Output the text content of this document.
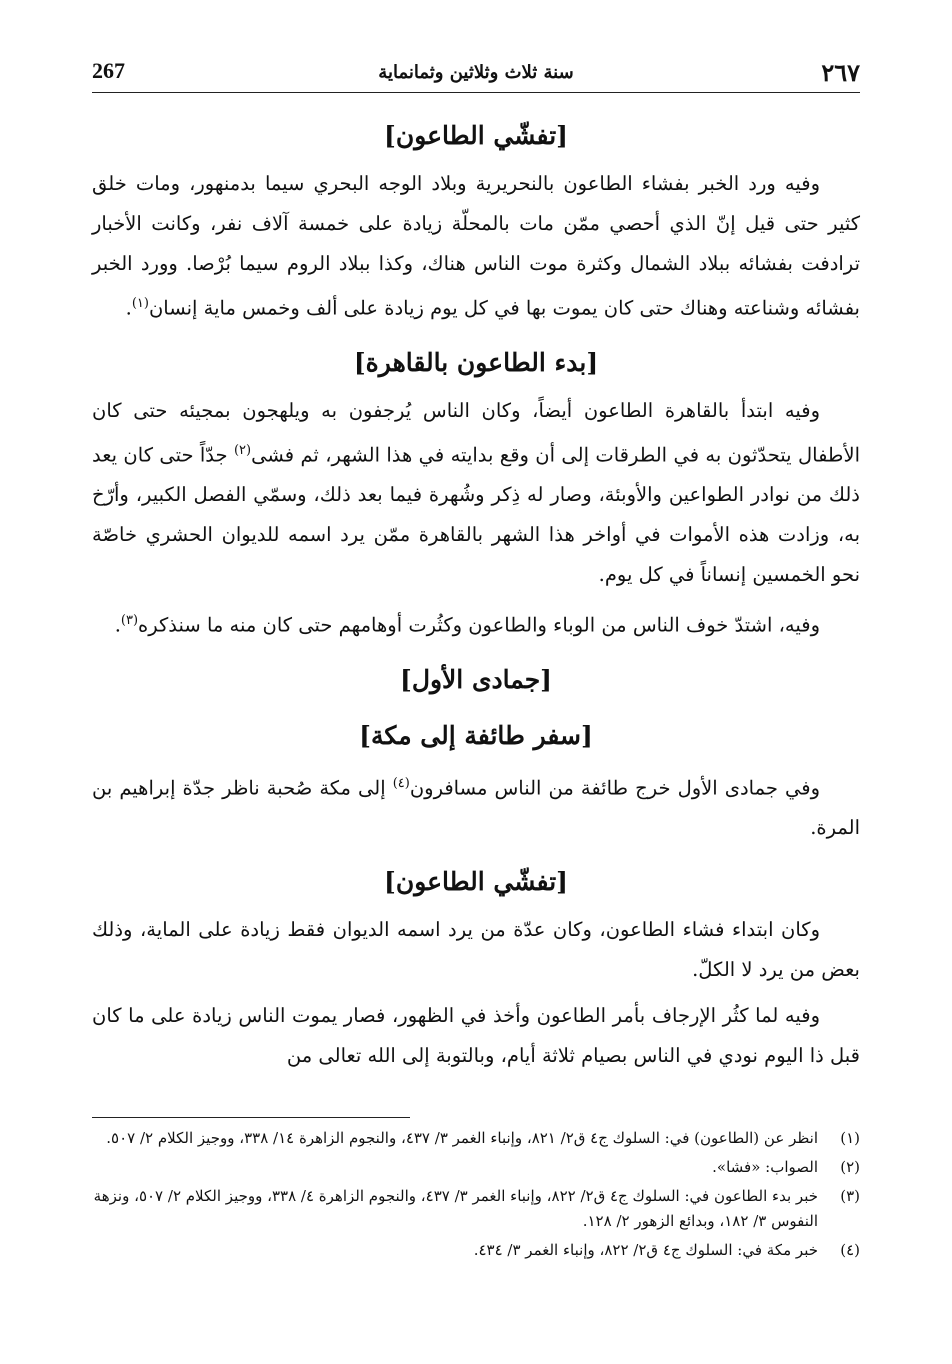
٢٦٧
سنة ثلاث وثلاثين وثمانماية
267
[تفشّي الطاعون]

وفيه ورد الخبر بفشاء الطاعون بالنحريرية وبلاد الوجه البحري سيما بدمنهور، ومات خلق كثير حتى قيل إنّ الذي أحصي ممّن مات بالمحلّة زيادة على خمسة آلاف نفر، وكانت الأخبار ترادفت بفشائه ببلاد الشمال وكثرة موت الناس هناك، وكذا ببلاد الروم سيما بُرْصا. وورد الخبر بفشائه وشناعته وهناك حتى كان يموت بها في كل يوم زيادة على ألف وخمس ماية إنسان$^{(١)}$.

[بدء الطاعون بالقاهرة]

وفيه ابتدأ بالقاهرة الطاعون أيضاً، وكان الناس يُرجفون به ويلهجون بمجيئه حتى كان الأطفال يتحدّثون به في الطرقات إلى أن وقع بدايته في هذا الشهر، ثم فشى$^{(٢)}$ جدّاً حتى كان يعد ذلك من نوادر الطواعين والأوبئة، وصار له ذِكر وشُهرة فيما بعد ذلك، وسمّي الفصل الكبير، وأرّخ به، وزادت هذه الأموات في أواخر هذا الشهر بالقاهرة ممّن يرد اسمه للديوان الحشري خاصّة نحو الخمسين إنساناً في كل يوم.

وفيه، اشتدّ خوف الناس من الوباء والطاعون وكثُرت أوهامهم حتى كان منه ما سنذكره$^{(٣)}$.

[جمادى الأول]
[سفر طائفة إلى مكة]

وفي جمادى الأول خرج طائفة من الناس مسافرون$^{(٤)}$ إلى مكة صُحبة ناظر جدّة إبراهيم بن المرة.

[تفشّي الطاعون]

وكان ابتداء فشاء الطاعون، وكان عدّة من يرد اسمه الديوان فقط زيادة على الماية، وذلك بعض من يرد لا الكلّ.

وفيه لما كثُر الإرجاف بأمر الطاعون وأخذ في الظهور، فصار يموت الناس زيادة على ما كان قبل ذا اليوم نودي في الناس بصيام ثلاثة أيام، وبالتوبة إلى الله تعالى من

(١)
انظر عن (الطاعون) في: السلوك ج٤ ق٢/ ٨٢١، وإنباء الغمر ٣/ ٤٣٧، والنجوم الزاهرة ١٤/ ٣٣٨، ووجيز الكلام ٢/ ٥٠٧.
(٢)
الصواب: «فشا».
(٣)
خبر بدء الطاعون في: السلوك ج٤ ق٢/ ٨٢٢، وإنباء الغمر ٣/ ٤٣٧، والنجوم الزاهرة ٤/ ٣٣٨، ووجيز الكلام ٢/ ٥٠٧، ونزهة النفوس ٣/ ١٨٢، وبدائع الزهور ٢/ ١٢٨.
(٤)
خبر مكة في: السلوك ج٤ ق٢/ ٨٢٢، وإنباء الغمر ٣/ ٤٣٤.
